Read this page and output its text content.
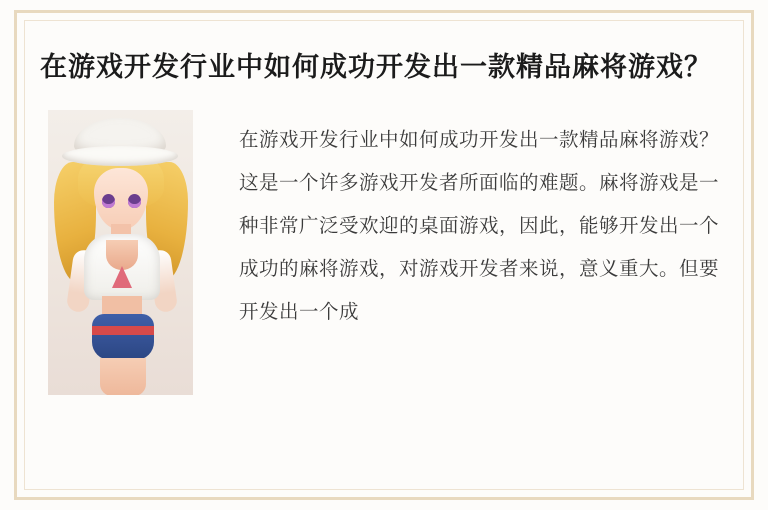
在游戏开发行业中如何成功开发出一款精品麻将游戏？

在游戏开发行业中如何成功开发出一款精品麻将游戏？这是一个许多游戏开发者所面临的难题。麻将游戏是一种非常广泛受欢迎的桌面游戏，因此，能够开发出一个成功的麻将游戏，对游戏开发者来说，意义重大。但要开发出一个成
